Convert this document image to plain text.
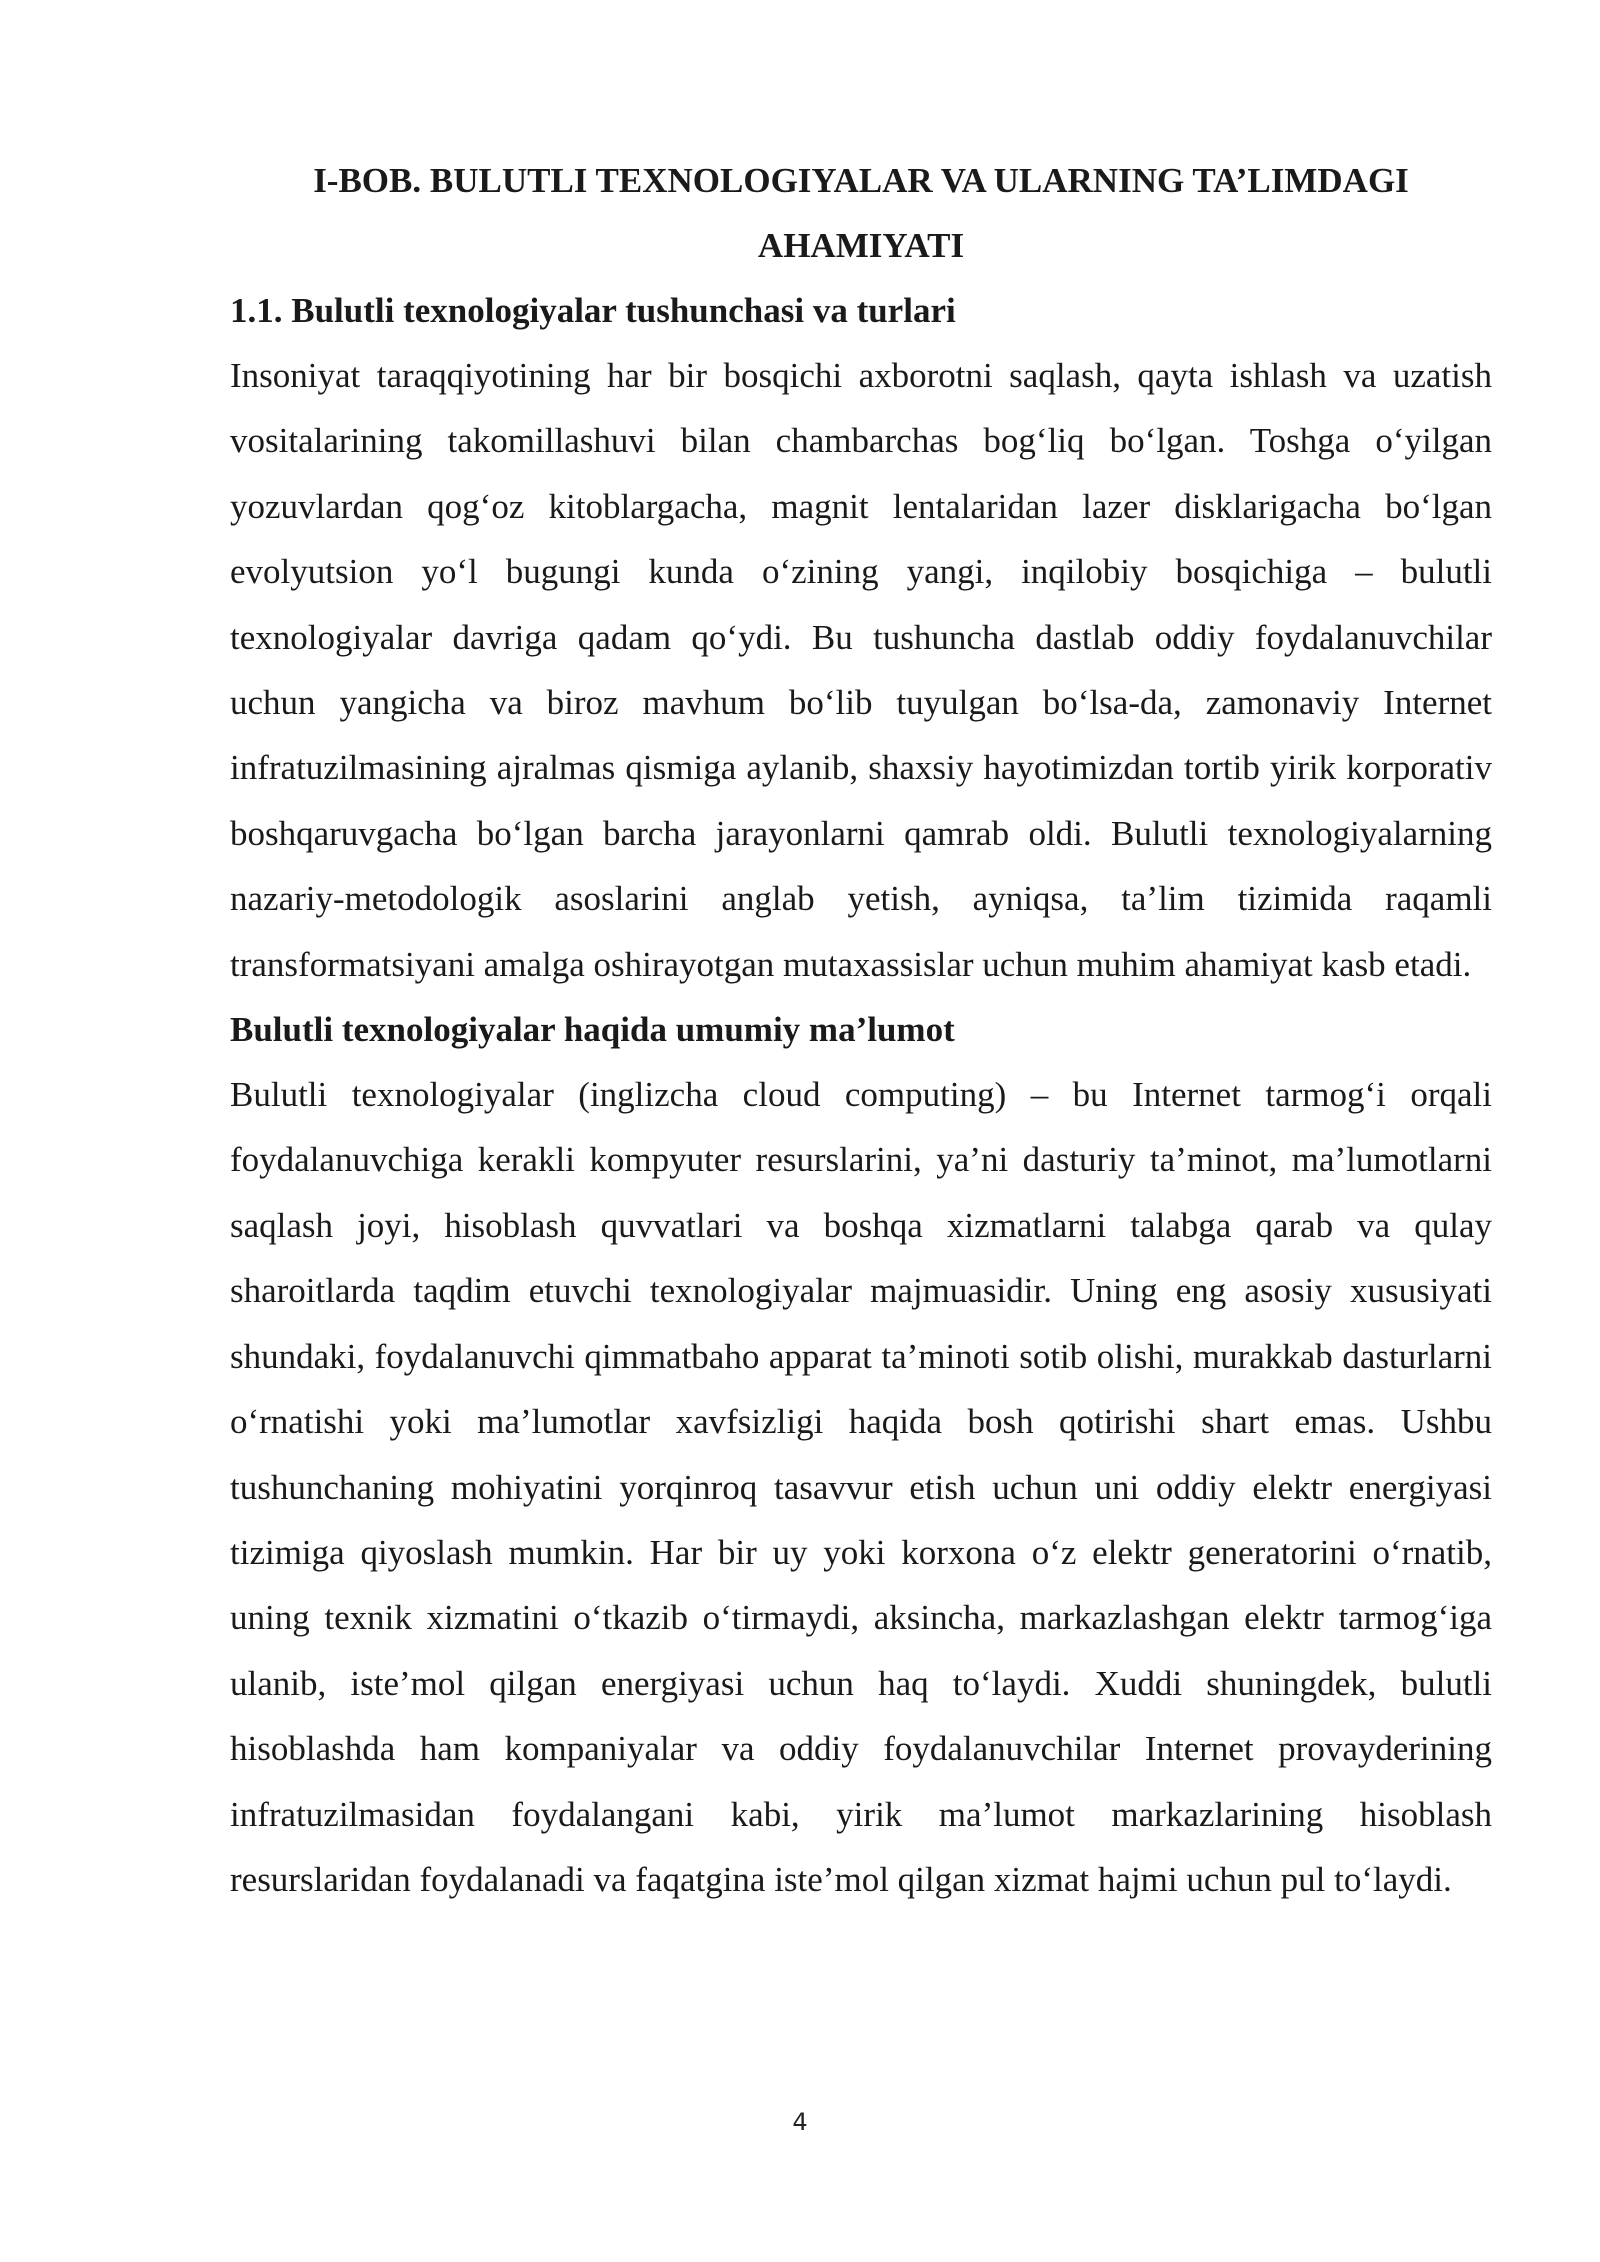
I-BOB. BULUTLI TEXNOLOGIYALAR VA ULARNING TA’LIMDAGI
AHAMIYATI
1.1. Bulutli texnologiyalar tushunchasi va turlari

Insoniyat taraqqiyotining har bir bosqichi axborotni saqlash, qayta ishlash va uzatish vositalarining takomillashuvi bilan chambarchas bog‘liq bo‘lgan. Toshga o‘yilgan yozuvlardan qog‘oz kitoblargacha, magnit lentalaridan lazer disklarigacha bo‘lgan evolyutsion yo‘l bugungi kunda o‘zining yangi, inqilobiy bosqichiga – bulutli texnologiyalar davriga qadam qo‘ydi. Bu tushuncha dastlab oddiy foydalanuvchilar uchun yangicha va biroz mavhum bo‘lib tuyulgan bo‘lsa-da, zamonaviy Internet infratuzilmasining ajralmas qismiga aylanib, shaxsiy hayotimizdan tortib yirik korporativ boshqaruvgacha bo‘lgan barcha jarayonlarni qamrab oldi. Bulutli texnologiyalarning nazariy-metodologik asoslarini anglab yetish, ayniqsa, ta’lim tizimida raqamli transformatsiyani amalga oshirayotgan mutaxassislar uchun muhim ahamiyat kasb etadi.

Bulutli texnologiyalar haqida umumiy ma’lumot

Bulutli texnologiyalar (inglizcha cloud computing) – bu Internet tarmog‘i orqali foydalanuvchiga kerakli kompyuter resurslarini, ya’ni dasturiy ta’minot, ma’lumotlarni saqlash joyi, hisoblash quvvatlari va boshqa xizmatlarni talabga qarab va qulay sharoitlarda taqdim etuvchi texnologiyalar majmuasidir. Uning eng asosiy xususiyati shundaki, foydalanuvchi qimmatbaho apparat ta’minoti sotib olishi, murakkab dasturlarni o‘rnatishi yoki ma’lumotlar xavfsizligi haqida bosh qotirishi shart emas. Ushbu tushunchaning mohiyatini yorqinroq tasavvur etish uchun uni oddiy elektr energiyasi tizimiga qiyoslash mumkin. Har bir uy yoki korxona o‘z elektr generatorini o‘rnatib, uning texnik xizmatini o‘tkazib o‘tirmaydi, aksincha, markazlashgan elektr tarmog‘iga ulanib, iste’mol qilgan energiyasi uchun haq to‘laydi. Xuddi shuningdek, bulutli hisoblashda ham kompaniyalar va oddiy foydalanuvchilar Internet provayderining infratuzilmasidan foydalangani kabi, yirik ma’lumot markazlarining hisoblash resurslaridan foydalanadi va faqatgina iste’mol qilgan xizmat hajmi uchun pul to‘laydi.

4
